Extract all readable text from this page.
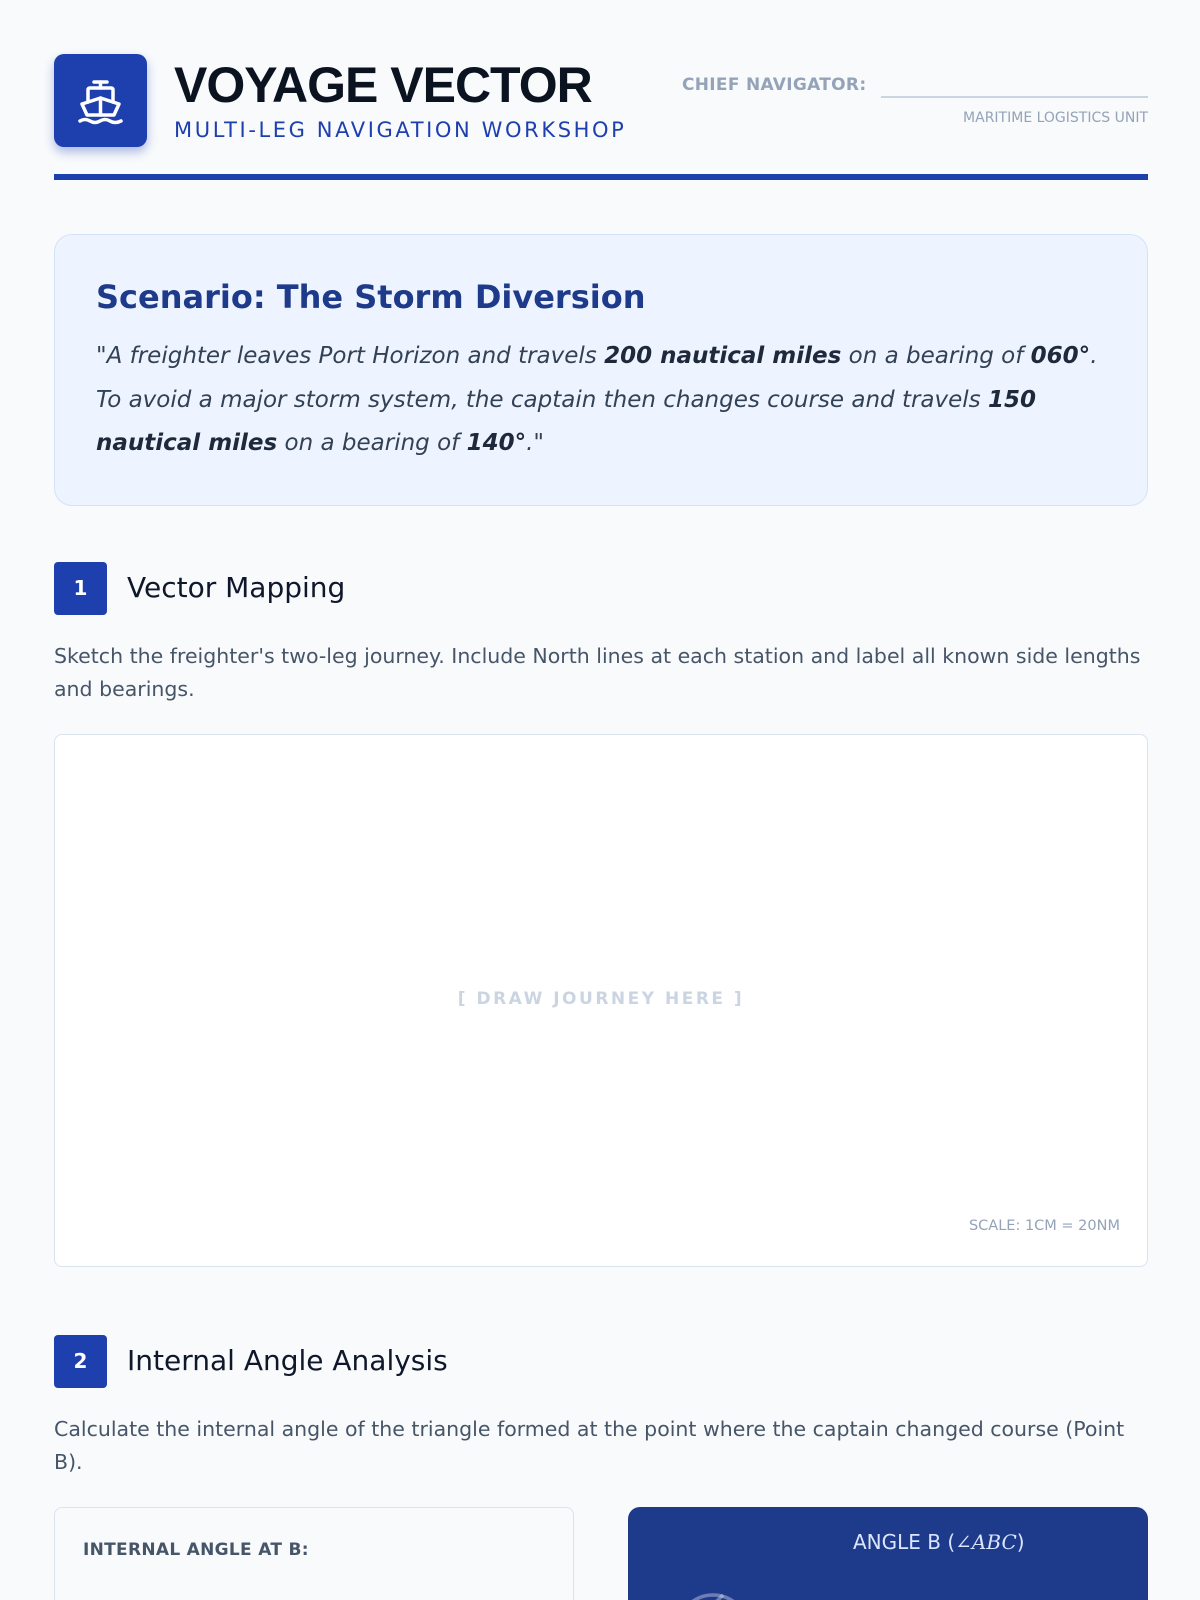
VOYAGE VECTOR
MULTI-LEG NAVIGATION WORKSHOP
CHIEF NAVIGATOR:
MARITIME LOGISTICS UNIT
Scenario: The Storm Diversion

"A freighter leaves Port Horizon and travels 200 nautical miles on a bearing of 060°. To avoid a major storm system, the captain then changes course and travels 150 nautical miles on a bearing of 140°."

1	Vector Mapping

Sketch the freighter's two-leg journey. Include North lines at each station and label all known side lengths and bearings.

[ DRAW JOURNEY HERE ]
SCALE: 1CM = 20NM
2	Internal Angle Analysis

Calculate the internal angle of the triangle formed at the point where the captain changed course (Point B).

INTERNAL ANGLE AT B:	ANGLE B (∠ABC)
